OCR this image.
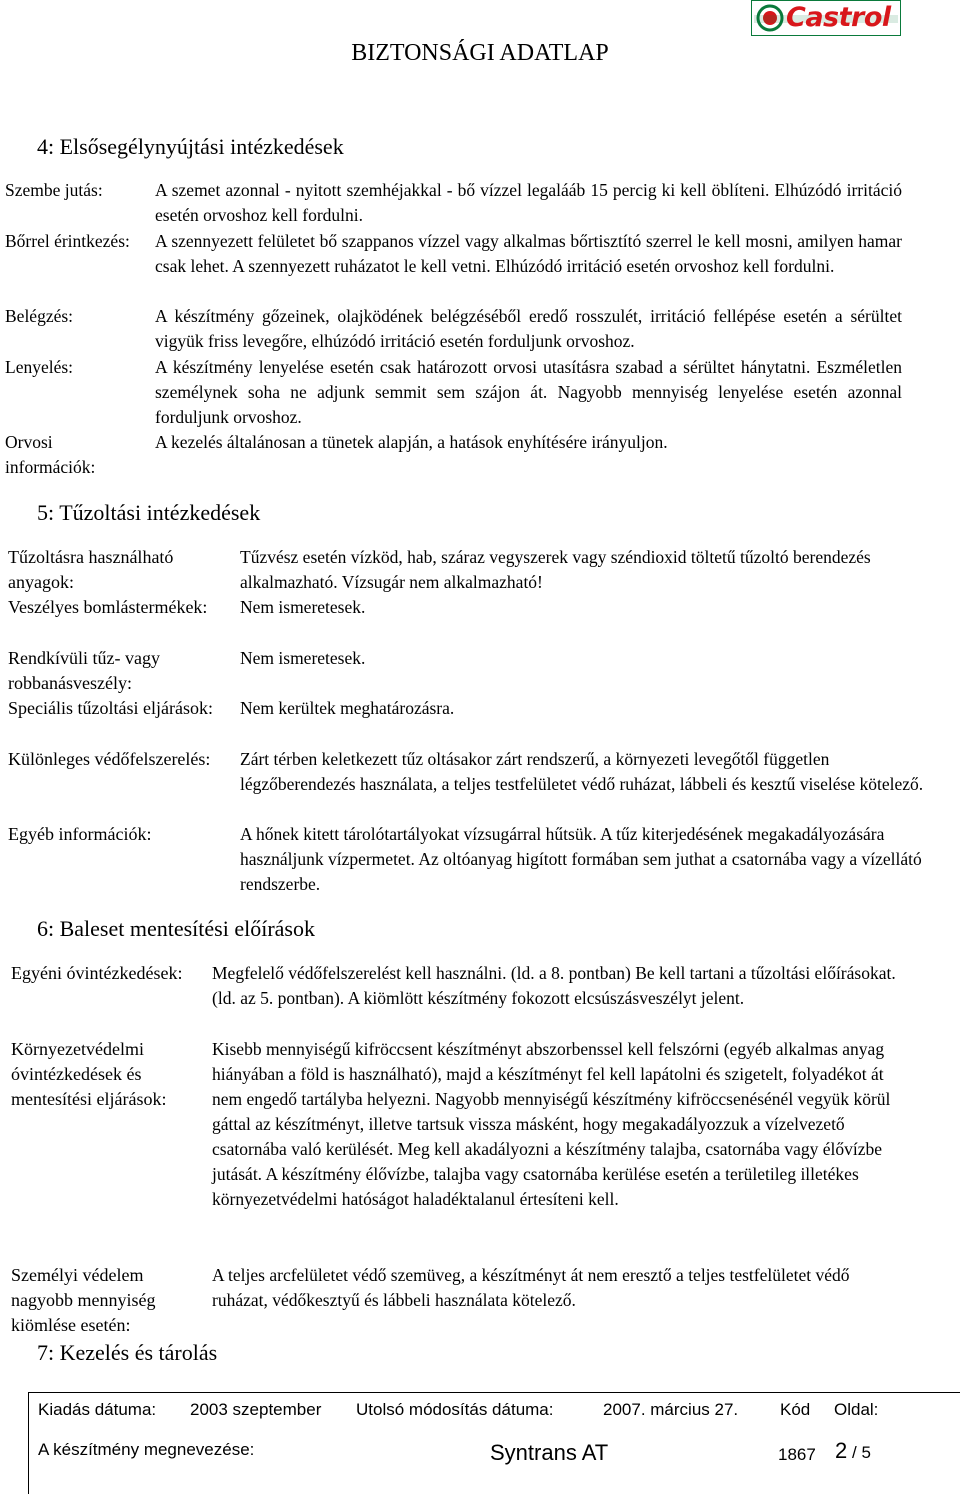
Castrol
BIZTONSÁGI ADATLAP
4: Elsősegélynyújtási intézkedések
Szembe jutás:	A szemet azonnal - nyitott szemhéjakkal - bő vízzel legalááb 15 percig ki kell öblíteni. Elhúzódó irritáció esetén orvoshoz kell fordulni.
Bőrrel érintkezés:	A szennyezett felületet bő szappanos vízzel vagy alkalmas bőrtisztító szerrel le kell mosni, amilyen hamar csak lehet. A szennyezett ruházatot le kell vetni. Elhúzódó irritáció esetén orvoshoz kell fordulni.
Belégzés:	A készítmény gőzeinek, olajködének belégzéséből eredő rosszulét, irritáció fellépése esetén a sérültet vigyük friss levegőre, elhúzódó irritáció esetén forduljunk orvoshoz.
Lenyelés:	A készítmény lenyelése esetén csak határozott orvosi utasításra szabad a sérültet hánytatni. Eszméletlen személynek soha ne adjunk semmit sem szájon át. Nagyobb mennyiség lenyelése esetén azonnal forduljunk orvoshoz.
Orvosi információk:
A kezelés általánosan a tünetek alapján, a hatások enyhítésére irányuljon.
5: Tűzoltási intézkedések
Tűzoltásra használható anyagok:
Tűzvész esetén vízköd, hab, száraz vegyszerek vagy széndioxid töltetű tűzoltó berendezés alkalmazható. Vízsugár nem alkalmazható!
Veszélyes bomlástermékek:	Nem ismeretesek.
Rendkívüli tűz- vagy robbanásveszély:
Nem ismeretesek.
Speciális tűzoltási eljárások:	Nem kerültek meghatározásra.
Különleges védőfelszerelés:	Zárt térben keletkezett tűz oltásakor zárt rendszerű, a környezeti levegőtől független légzőberendezés használata, a teljes testfelületet védő ruházat, lábbeli és kesztű viselése kötelező.
Egyéb információk:	A hőnek kitett tárolótartályokat vízsugárral hűtsük. A tűz kiterjedésének megakadályozására használjunk vízpermetet. Az oltóanyag higított formában sem juthat a csatornába vagy a vízellátó rendszerbe.
6: Baleset mentesítési előírások
Egyéni óvintézkedések:	Megfelelő védőfelszerelést kell használni. (ld. a 8. pontban) Be kell tartani a tűzoltási előírásokat. (ld. az 5. pontban). A kiömlött készítmény fokozott elcsúszásveszélyt jelent.
Környezetvédelmi óvintézkedések és mentesítési eljárások:
Kisebb mennyiségű kifröccsent készítményt abszorbenssel kell felszórni (egyéb alkalmas anyag hiányában a föld is használható), majd a készítményt fel kell lapátolni és szigetelt, folyadékot át nem engedő tartályba helyezni. Nagyobb mennyiségű készítmény kifröccsenésénél vegyük körül gáttal az készítményt, illetve tartsuk vissza másként, hogy megakadályozzuk a vízelvezető csatornába való kerülését. Meg kell akadályozni a készítmény talajba, csatornába vagy élővízbe jutását. A készítmény élővízbe, talajba vagy csatornába kerülése esetén a területileg illetékes környezetvédelmi hatóságot haladéktalanul értesíteni kell.
Személyi védelem nagyobb mennyiség kiömlése esetén:
A teljes arcfelületet védő szemüveg, a készítményt át nem eresztő a teljes testfelületet védő ruházat, védőkesztyű és lábbeli használata kötelező.
7: Kezelés és tárolás
Kiadás dátuma: 2003 szeptember Utolsó módosítás dátuma:	2007. március 27. Kód Oldal:
A készítmény megnevezése:	Syntrans AT	1867 2 / 5
